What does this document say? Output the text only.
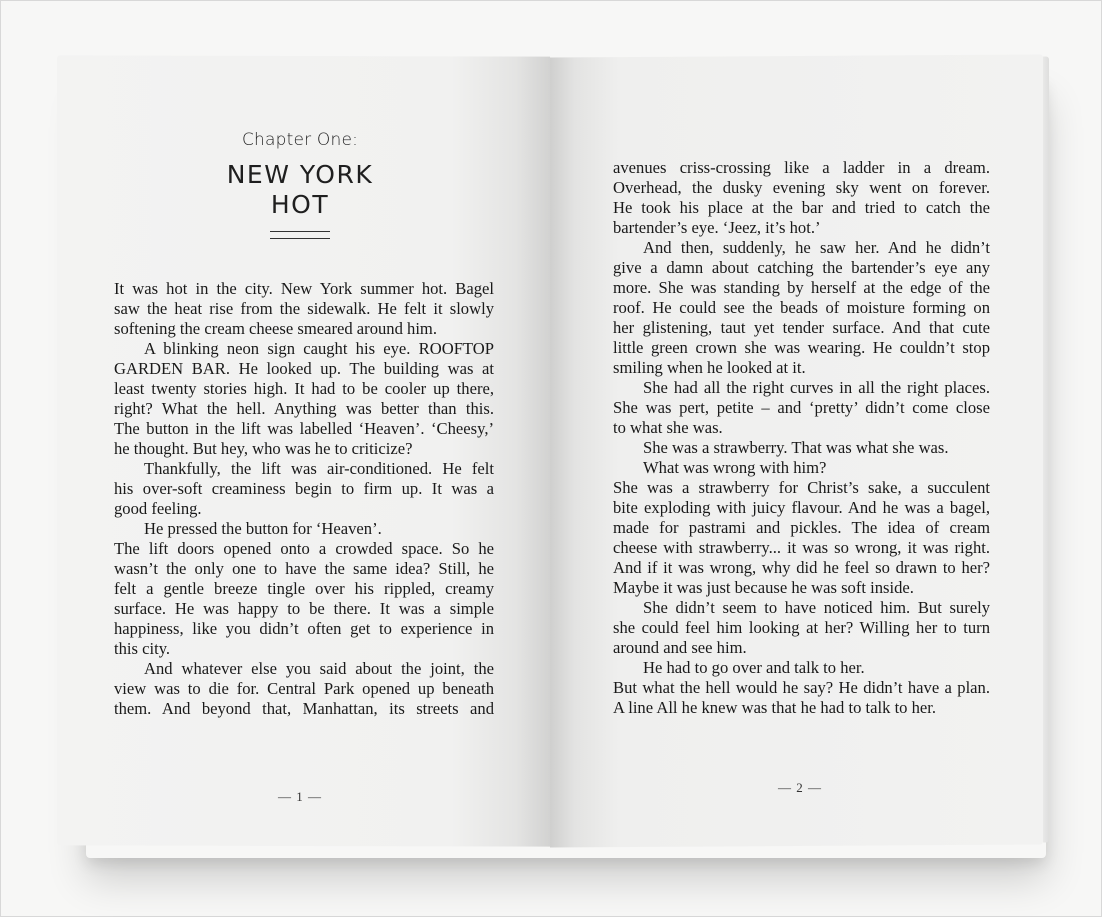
Chapter One:
NEW YORK HOT
It was hot in the city. New York summer hot. Bagel
saw the heat rise from the sidewalk. He felt it slowly
softening the cream cheese smeared around him.
A blinking neon sign caught his eye. ROOFTOP
GARDEN BAR. He looked up. The building was at
least twenty stories high. It had to be cooler up there,
right? What the hell. Anything was better than this.
The button in the lift was labelled ‘Heaven’. ‘Cheesy,’
he thought. But hey, who was he to criticize?
Thankfully, the lift was air-conditioned. He felt
his over-soft creaminess begin to firm up. It was a
good feeling.
He pressed the button for ‘Heaven’.
The lift doors opened onto a crowded space. So he
wasn’t the only one to have the same idea? Still, he
felt a gentle breeze tingle over his rippled, creamy
surface. He was happy to be there. It was a simple
happiness, like you didn’t often get to experience in
this city.
And whatever else you said about the joint, the
view was to die for. Central Park opened up beneath
them. And beyond that, Manhattan, its streets and
avenues criss-crossing like a ladder in a dream.
Overhead, the dusky evening sky went on forever.
He took his place at the bar and tried to catch the
bartender’s eye. ‘Jeez, it’s hot.’
And then, suddenly, he saw her. And he didn’t
give a damn about catching the bartender’s eye any
more. She was standing by herself at the edge of the
roof. He could see the beads of moisture forming on
her glistening, taut yet tender surface. And that cute
little green crown she was wearing. He couldn’t stop
smiling when he looked at it.
She had all the right curves in all the right places.
She was pert, petite – and ‘pretty’ didn’t come close
to what she was.
She was a strawberry. That was what she was.
What was wrong with him?
She was a strawberry for Christ’s sake, a succulent
bite exploding with juicy flavour. And he was a bagel,
made for pastrami and pickles. The idea of cream
cheese with strawberry... it was so wrong, it was right.
And if it was wrong, why did he feel so drawn to her?
Maybe it was just because he was soft inside.
She didn’t seem to have noticed him. But surely
she could feel him looking at her? Willing her to turn
around and see him.
He had to go over and talk to her.
But what the hell would he say? He didn’t have a plan.
A line All he knew was that he had to talk to her.
— 1 —
— 2 —
